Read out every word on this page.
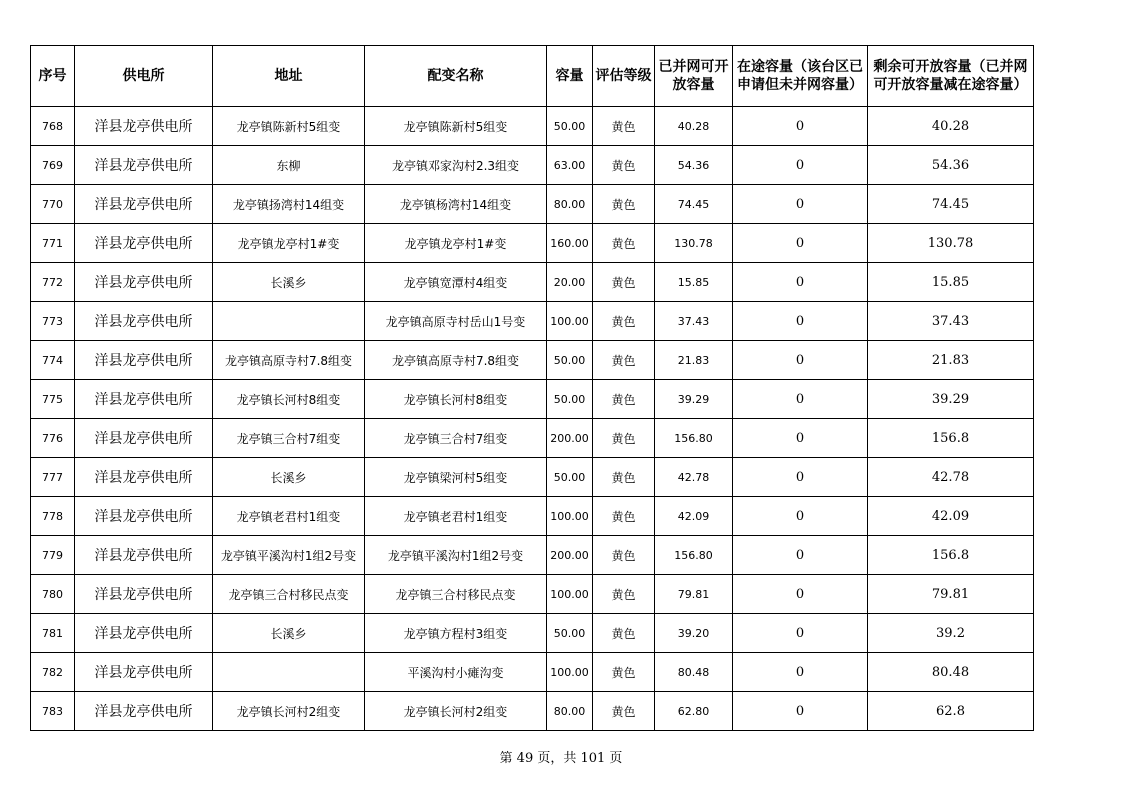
序号	供电所	地址	配变名称	容量	评估等级	已并网可开放容量	在途容量（该台区已申请但未并网容量）	剩余可开放容量（已并网可开放容量减在途容量）
768	洋县龙亭供电所	龙亭镇陈新村5组变	龙亭镇陈新村5组变	50.00	黄色	40.28	0	40.28
769	洋县龙亭供电所	东柳	龙亭镇邓家沟村2.3组变	63.00	黄色	54.36	0	54.36
770	洋县龙亭供电所	龙亭镇扬湾村14组变	龙亭镇杨湾村14组变	80.00	黄色	74.45	0	74.45
771	洋县龙亭供电所	龙亭镇龙亭村1#变	龙亭镇龙亭村1#变	160.00	黄色	130.78	0	130.78
772	洋县龙亭供电所	长溪乡	龙亭镇宽潭村4组变	20.00	黄色	15.85	0	15.85
773	洋县龙亭供电所		龙亭镇高原寺村岳山1号变	100.00	黄色	37.43	0	37.43
774	洋县龙亭供电所	龙亭镇高原寺村7.8组变	龙亭镇高原寺村7.8组变	50.00	黄色	21.83	0	21.83
775	洋县龙亭供电所	龙亭镇长河村8组变	龙亭镇长河村8组变	50.00	黄色	39.29	0	39.29
776	洋县龙亭供电所	龙亭镇三合村7组变	龙亭镇三合村7组变	200.00	黄色	156.80	0	156.8
777	洋县龙亭供电所	长溪乡	龙亭镇梁河村5组变	50.00	黄色	42.78	0	42.78
778	洋县龙亭供电所	龙亭镇老君村1组变	龙亭镇老君村1组变	100.00	黄色	42.09	0	42.09
779	洋县龙亭供电所	龙亭镇平溪沟村1组2号变	龙亭镇平溪沟村1组2号变	200.00	黄色	156.80	0	156.8
780	洋县龙亭供电所	龙亭镇三合村移民点变	龙亭镇三合村移民点变	100.00	黄色	79.81	0	79.81
781	洋县龙亭供电所	长溪乡	龙亭镇方程村3组变	50.00	黄色	39.20	0	39.2
782	洋县龙亭供电所		平溪沟村小瘫沟变	100.00	黄色	80.48	0	80.48
783	洋县龙亭供电所	龙亭镇长河村2组变	龙亭镇长河村2组变	80.00	黄色	62.80	0	62.8
第 49 页，共 101 页
